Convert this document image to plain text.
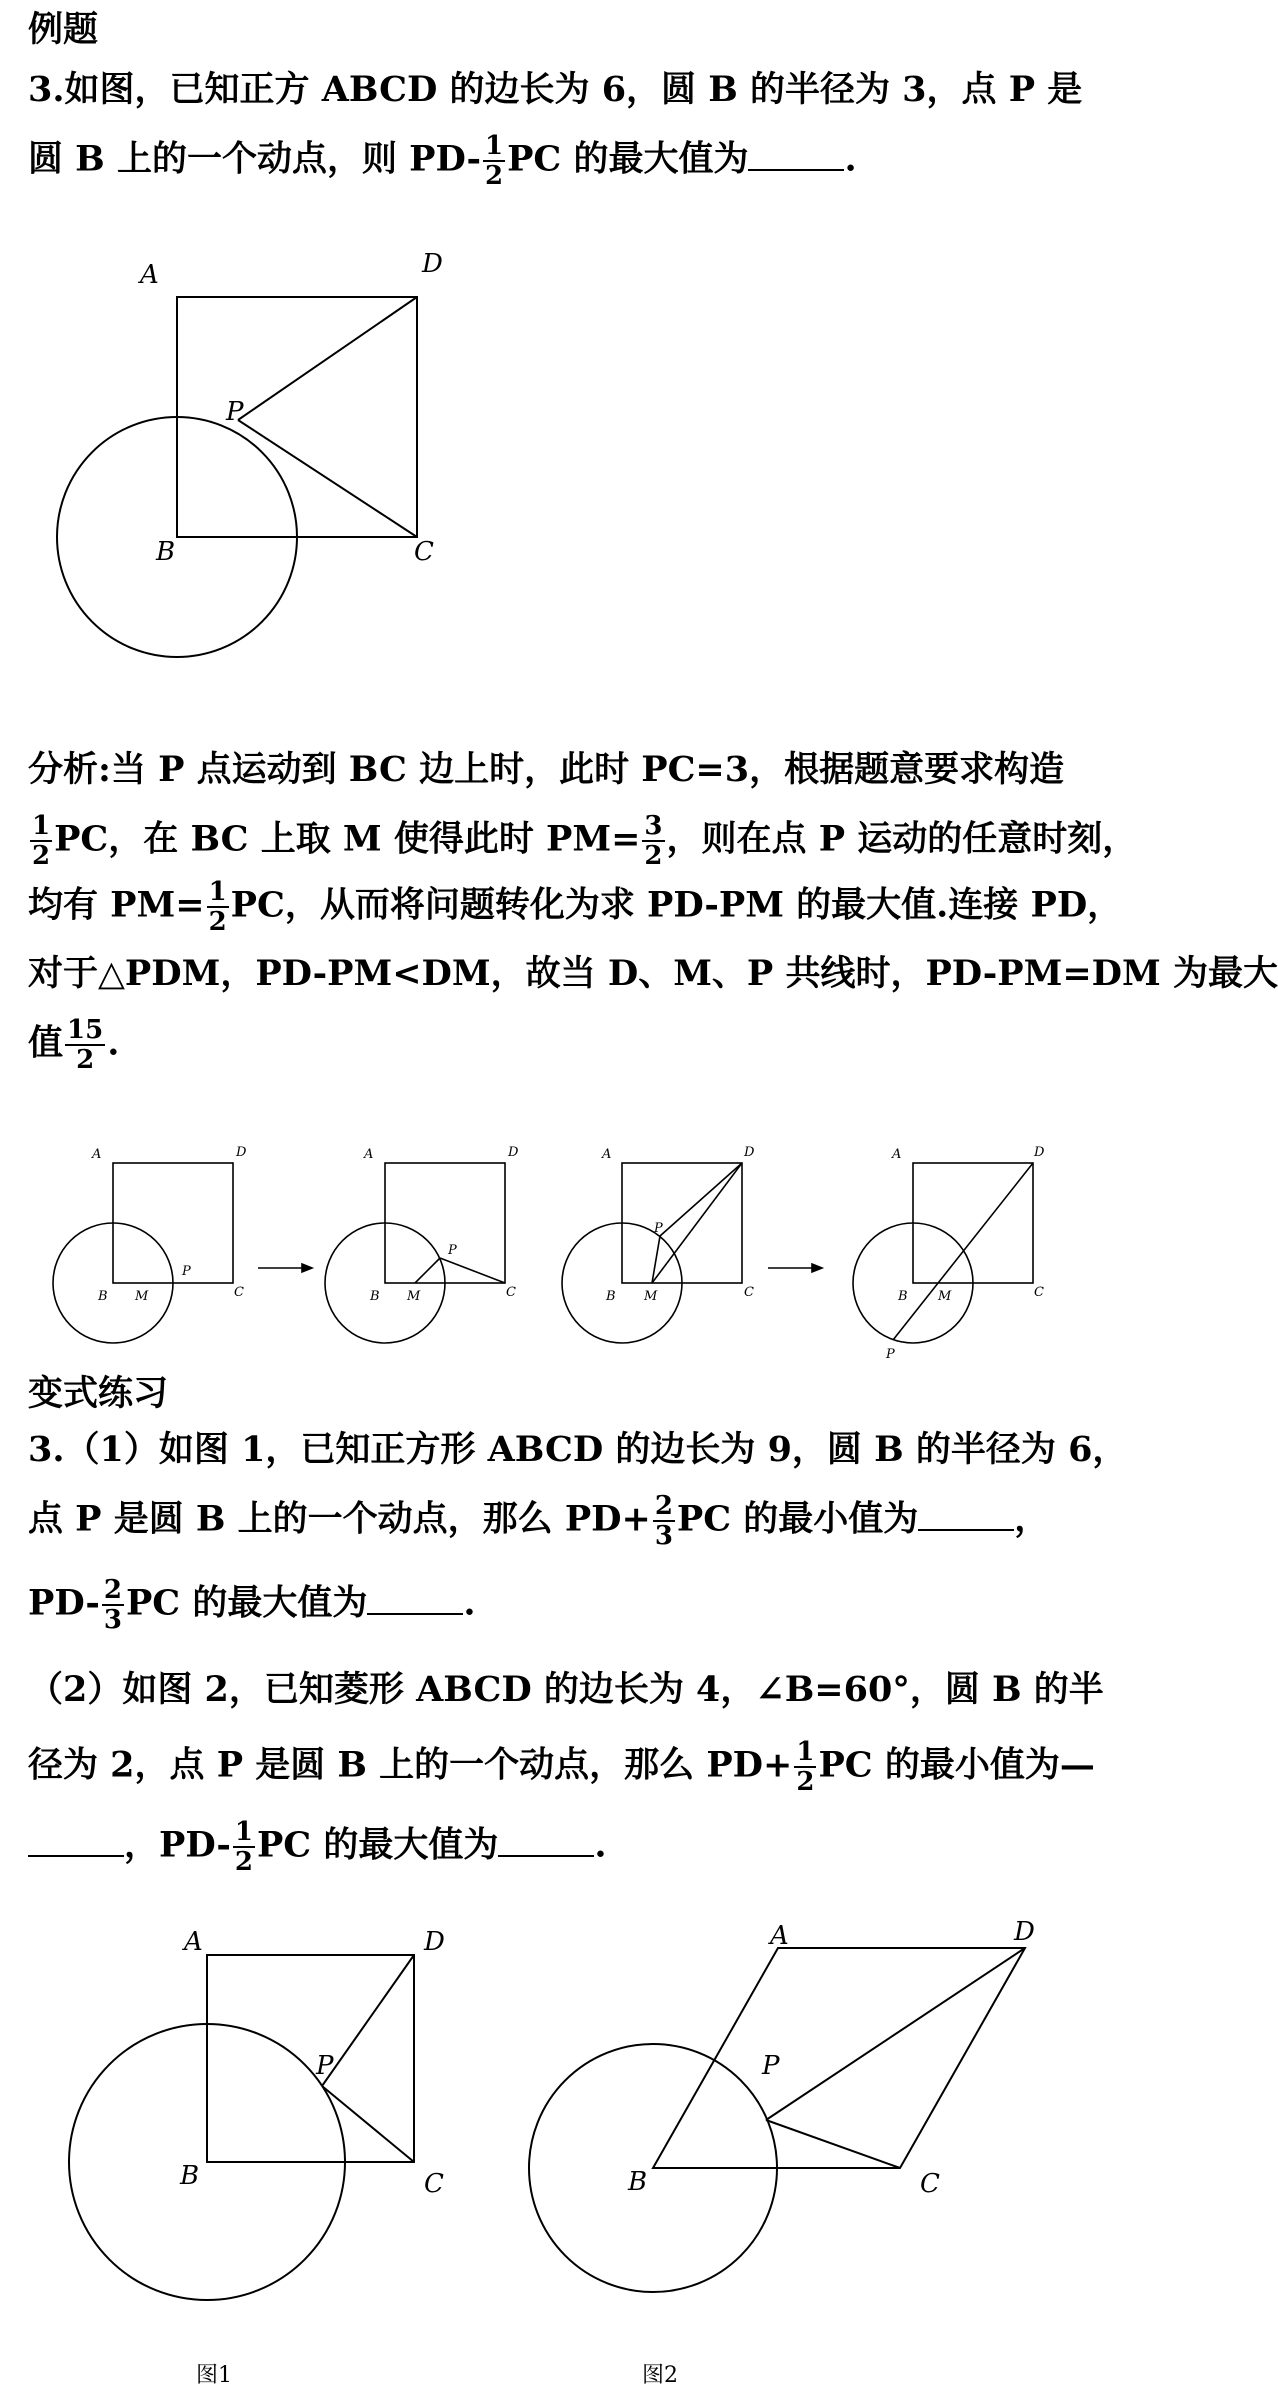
例题
3.如图，已知正方 ABCD 的边长为 6，圆 B 的半径为 3，点 P 是
圆 B 上的一个动点，则 $PD- \frac{1}{2}$ PC 的最大值为	.
A	D
P
B	C
分析:当 P 点运动到 BC 边上时，此时 PC=3，根据题意要求构造
$\frac{1}{2}$ PC，在 BC 上取 M 使得此时 $PM= \frac{3}{2}$ ，则在点 P 运动的任意时刻，
均有 $PM= \frac{1}{2}$ PC，从而将问题转化为求 PD-PM 的最大值.连接 PD，
对于△PDM，PD-PM<DM，故当 D、M、P 共线时，PD-PM=DM 为最大
值 $\frac{15}{2}$ .
A	D
P
B M	C
A	D
P
B M	C
A	D
P
B M	C
A	D
B M	C
P
变式练习
3.（1）如图 1，已知正方形 ABCD 的边长为 9，圆 B 的半径为 6，
点 P 是圆 B 上的一个动点，那么 $PD+ \frac{2}{3}$ PC 的最小值为	，
$PD- \frac{2}{3}$ PC 的最大值为	.
（2）如图 2，已知菱形 ABCD 的边长为 4，∠B=60°，圆 B 的半
径为 2，点 P 是圆 B 上的一个动点，那么 $PD+ \frac{1}{2}$ PC 的最小值为—
，$PD- \frac{1}{2}$ PC 的最大值为	.
A	D
P
B	C
图1
A	D
P
B	C
图2
